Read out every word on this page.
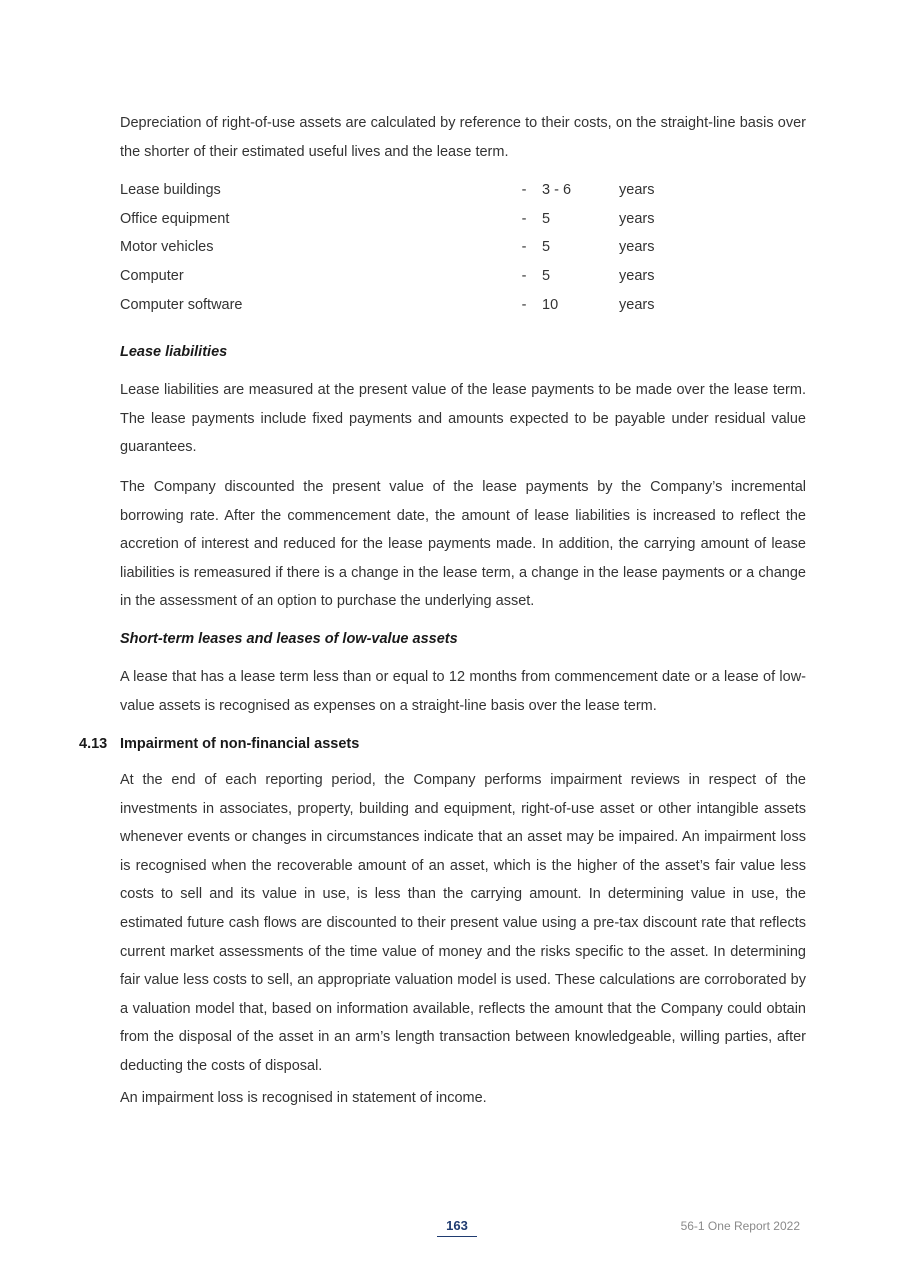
Depreciation of right-of-use assets are calculated by reference to their costs, on the straight-line basis over the shorter of their estimated useful lives and the lease term.

Lease buildings	- 3 - 6	years
Office equipment	- 5	years
Motor vehicles	- 5	years
Computer	- 5	years
Computer software	- 10	years

Lease liabilities

Lease liabilities are measured at the present value of the lease payments to be made over the lease term. The lease payments include fixed payments and amounts expected to be payable under residual value guarantees.

The Company discounted the present value of the lease payments by the Company’s incremental borrowing rate. After the commencement date, the amount of lease liabilities is increased to reflect the accretion of interest and reduced for the lease payments made. In addition, the carrying amount of lease liabilities is remeasured if there is a change in the lease term, a change in the lease payments or a change in the assessment of an option to purchase the underlying asset.

Short-term leases and leases of low-value assets

A lease that has a lease term less than or equal to 12 months from commencement date or a lease of low-value assets is recognised as expenses on a straight-line basis over the lease term.

4.13 Impairment of non-financial assets

At the end of each reporting period, the Company performs impairment reviews in respect of the investments in associates, property, building and equipment, right-of-use asset or other intangible assets whenever events or changes in circumstances indicate that an asset may be impaired. An impairment loss is recognised when the recoverable amount of an asset, which is the higher of the asset’s fair value less costs to sell and its value in use, is less than the carrying amount. In determining value in use, the estimated future cash flows are discounted to their present value using a pre-tax discount rate that reflects current market assessments of the time value of money and the risks specific to the asset. In determining fair value less costs to sell, an appropriate valuation model is used. These calculations are corroborated by a valuation model that, based on information available, reflects the amount that the Company could obtain from the disposal of the asset in an arm’s length transaction between knowledgeable, willing parties, after deducting the costs of disposal.

An impairment loss is recognised in statement of income.

163	56-1 One Report 2022
